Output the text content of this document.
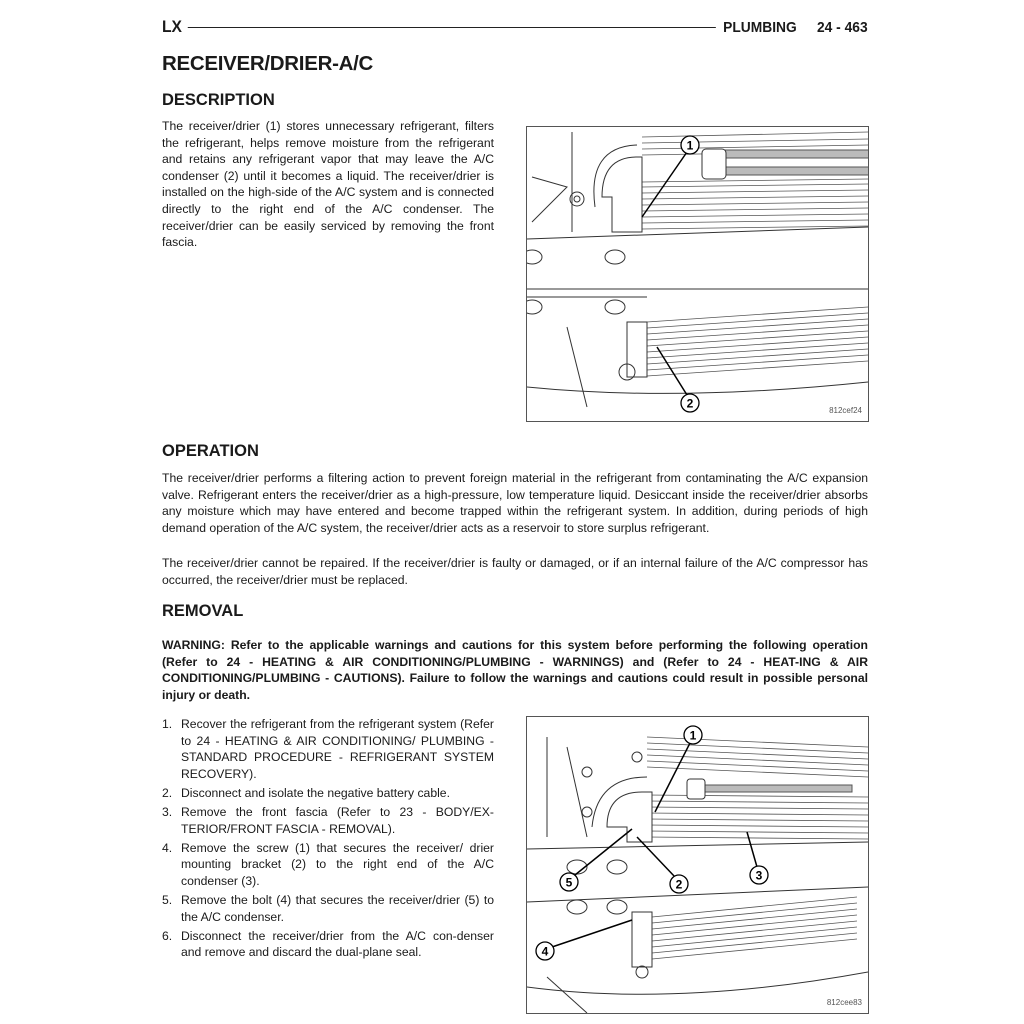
LX	PLUMBING 24 - 463
RECEIVER/DRIER-A/C
DESCRIPTION

The receiver/drier (1) stores unnecessary refrigerant, filters the refrigerant, helps remove moisture from the refrigerant and retains any refrigerant vapor that may leave the A/C condenser (2) until it becomes a liquid. The receiver/drier is installed on the high-side of the A/C system and is connected directly to the right end of the A/C condenser. The receiver/drier can be easily serviced by removing the front fascia.

OPERATION

The receiver/drier performs a filtering action to prevent foreign material in the refrigerant from contaminating the A/C expansion valve. Refrigerant enters the receiver/drier as a high-pressure, low temperature liquid. Desiccant inside the receiver/drier absorbs any moisture which may have entered and become trapped within the refrigerant system. In addition, during periods of high demand operation of the A/C system, the receiver/drier acts as a reservoir to store surplus refrigerant.

The receiver/drier cannot be repaired. If the receiver/drier is faulty or damaged, or if an internal failure of the A/C compressor has occurred, the receiver/drier must be replaced.

REMOVAL

WARNING: Refer to the applicable warnings and cautions for this system before performing the following operation (Refer to 24 - HEATING & AIR CONDITIONING/PLUMBING - WARNINGS) and (Refer to 24 - HEAT-ING & AIR CONDITIONING/PLUMBING - CAUTIONS). Failure to follow the warnings and cautions could result in possible personal injury or death.

1. Recover the refrigerant from the refrigerant system (Refer to 24 - HEATING & AIR CONDITIONING/ PLUMBING - STANDARD PROCEDURE - REFRIGERANT SYSTEM RECOVERY).
2. Disconnect and isolate the negative battery cable.
3. Remove the front fascia (Refer to 23 - BODY/EX-TERIOR/FRONT FASCIA - REMOVAL).
4. Remove the screw (1) that secures the receiver/ drier mounting bracket (2) to the right end of the A/C condenser (3).
5. Remove the bolt (4) that secures the receiver/drier (5) to the A/C condenser.
6. Disconnect the receiver/drier from the A/C con-denser and remove and discard the dual-plane seal.
1
2	812cef24
1
2
3
4
5
812cee83
